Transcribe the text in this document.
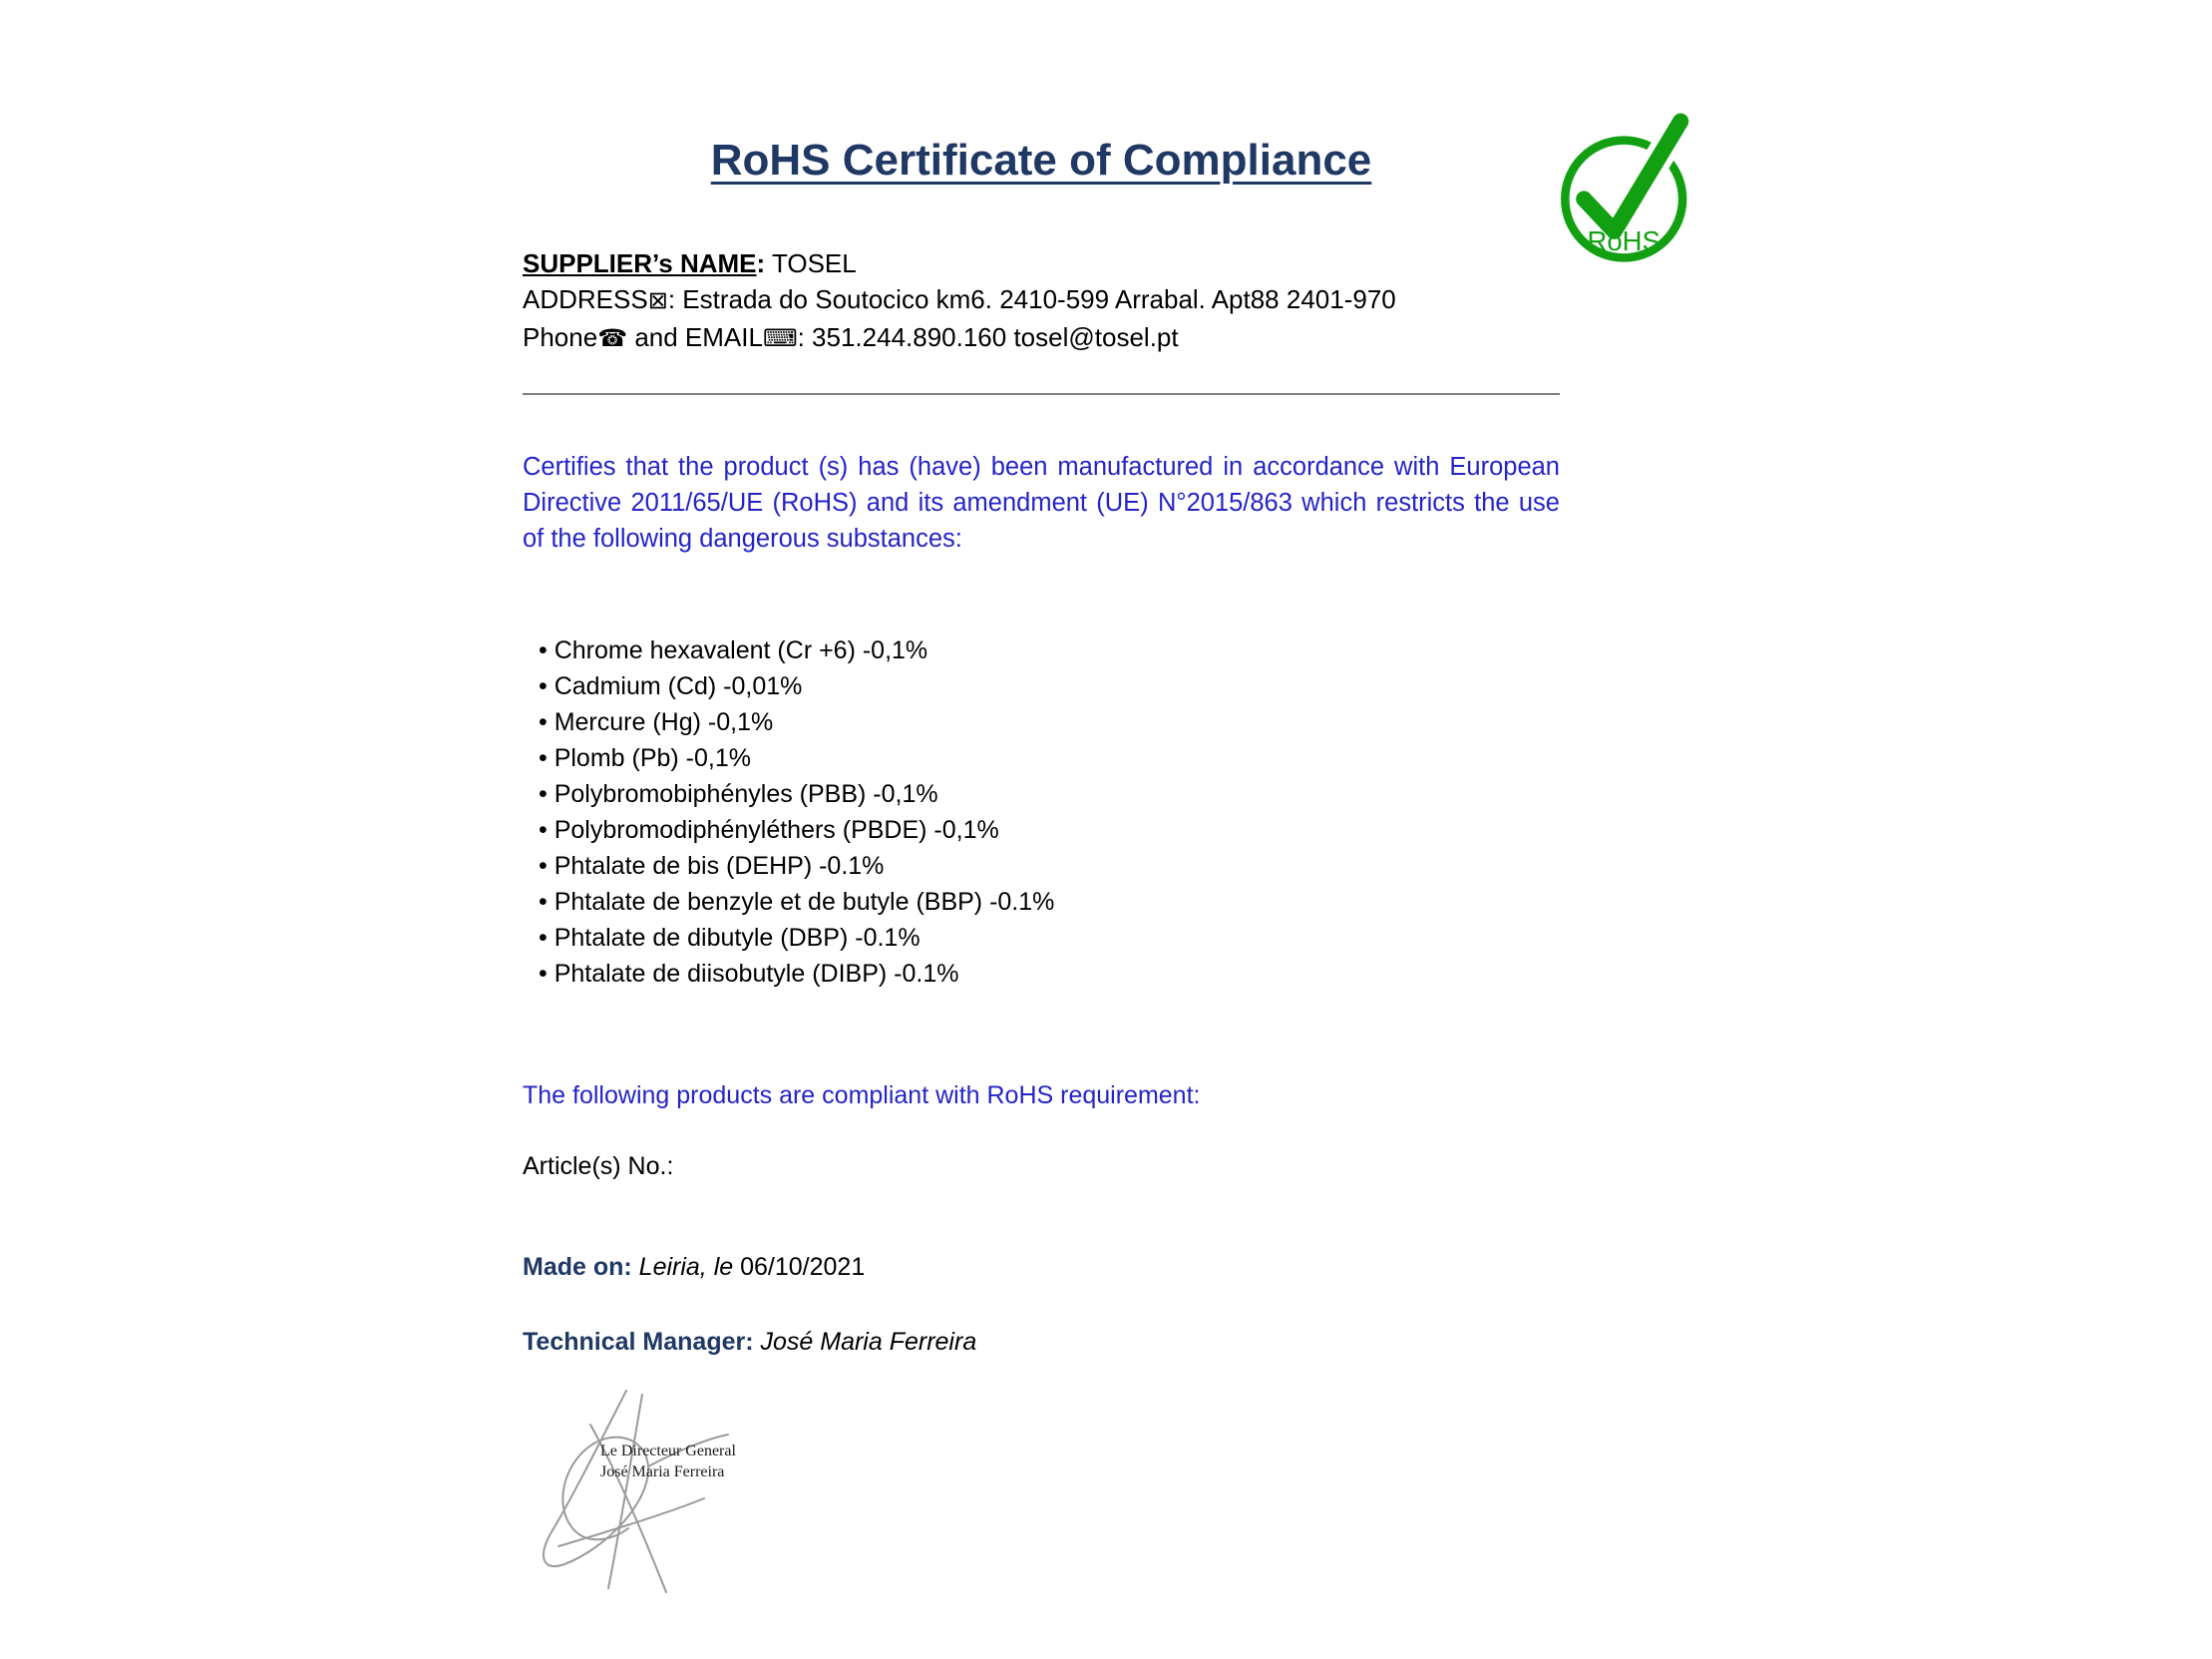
RoHS
RoHS Certificate of Compliance

SUPPLIER’s NAME: TOSEL

ADDRESS⊠: Estrada do Soutocico km6. 2410-599 Arrabal. Apt88 2401-970

Phone☎ and EMAIL⌨: 351.244.890.160 tosel@tosel.pt

Certifies that the product (s) has (have) been manufactured in accordance with European Directive 2011/65/UE (RoHS) and its amendment (UE) N°2015/863 which restricts the use of the following dangerous substances:

• Chrome hexavalent (Cr +6) -0,1%
• Cadmium (Cd) -0,01%
• Mercure (Hg) -0,1%
• Plomb (Pb) -0,1%
• Polybromobiphényles (PBB) -0,1%
• Polybromodiphényléthers (PBDE) -0,1%
• Phtalate de bis (DEHP) -0.1%
• Phtalate de benzyle et de butyle (BBP) -0.1%
• Phtalate de dibutyle (DBP) -0.1%
• Phtalate de diisobutyle (DIBP) -0.1%

The following products are compliant with RoHS requirement:

Article(s) No.:

Made on: Leiria, le 06/10/2021

Technical Manager: José Maria Ferreira

Le Directeur General
José Maria Ferreira
